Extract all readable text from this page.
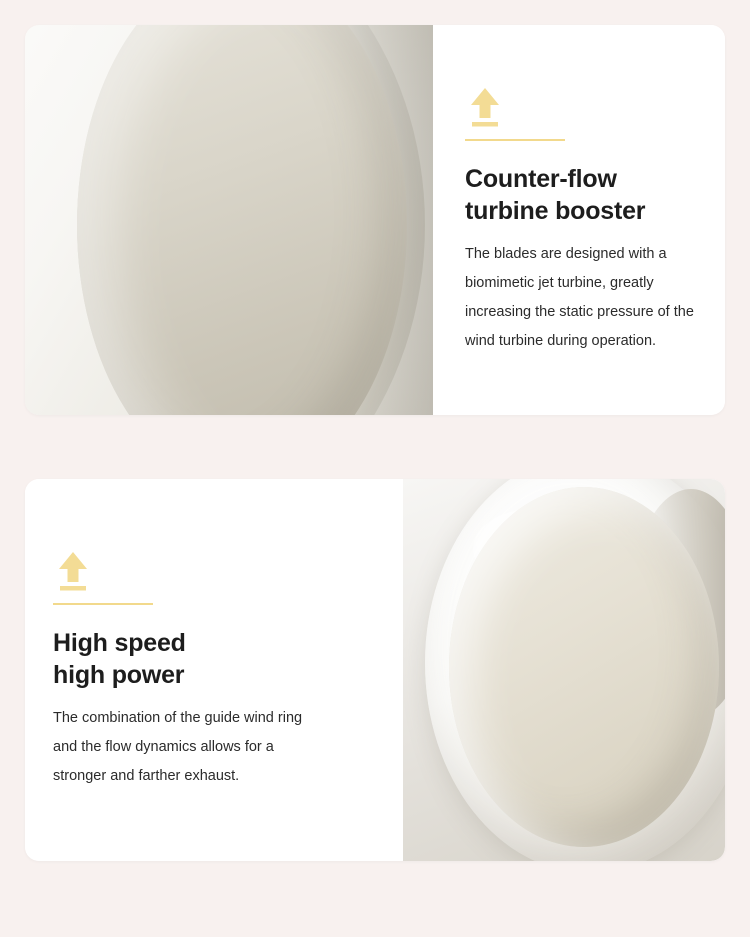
Counter-flow
turbine booster

The blades are designed with a biomimetic jet turbine, greatly increasing the static pressure of the wind turbine during operation.

High speed
high power

The combination of the guide wind ring and the flow dynamics allows for a stronger and farther exhaust.
